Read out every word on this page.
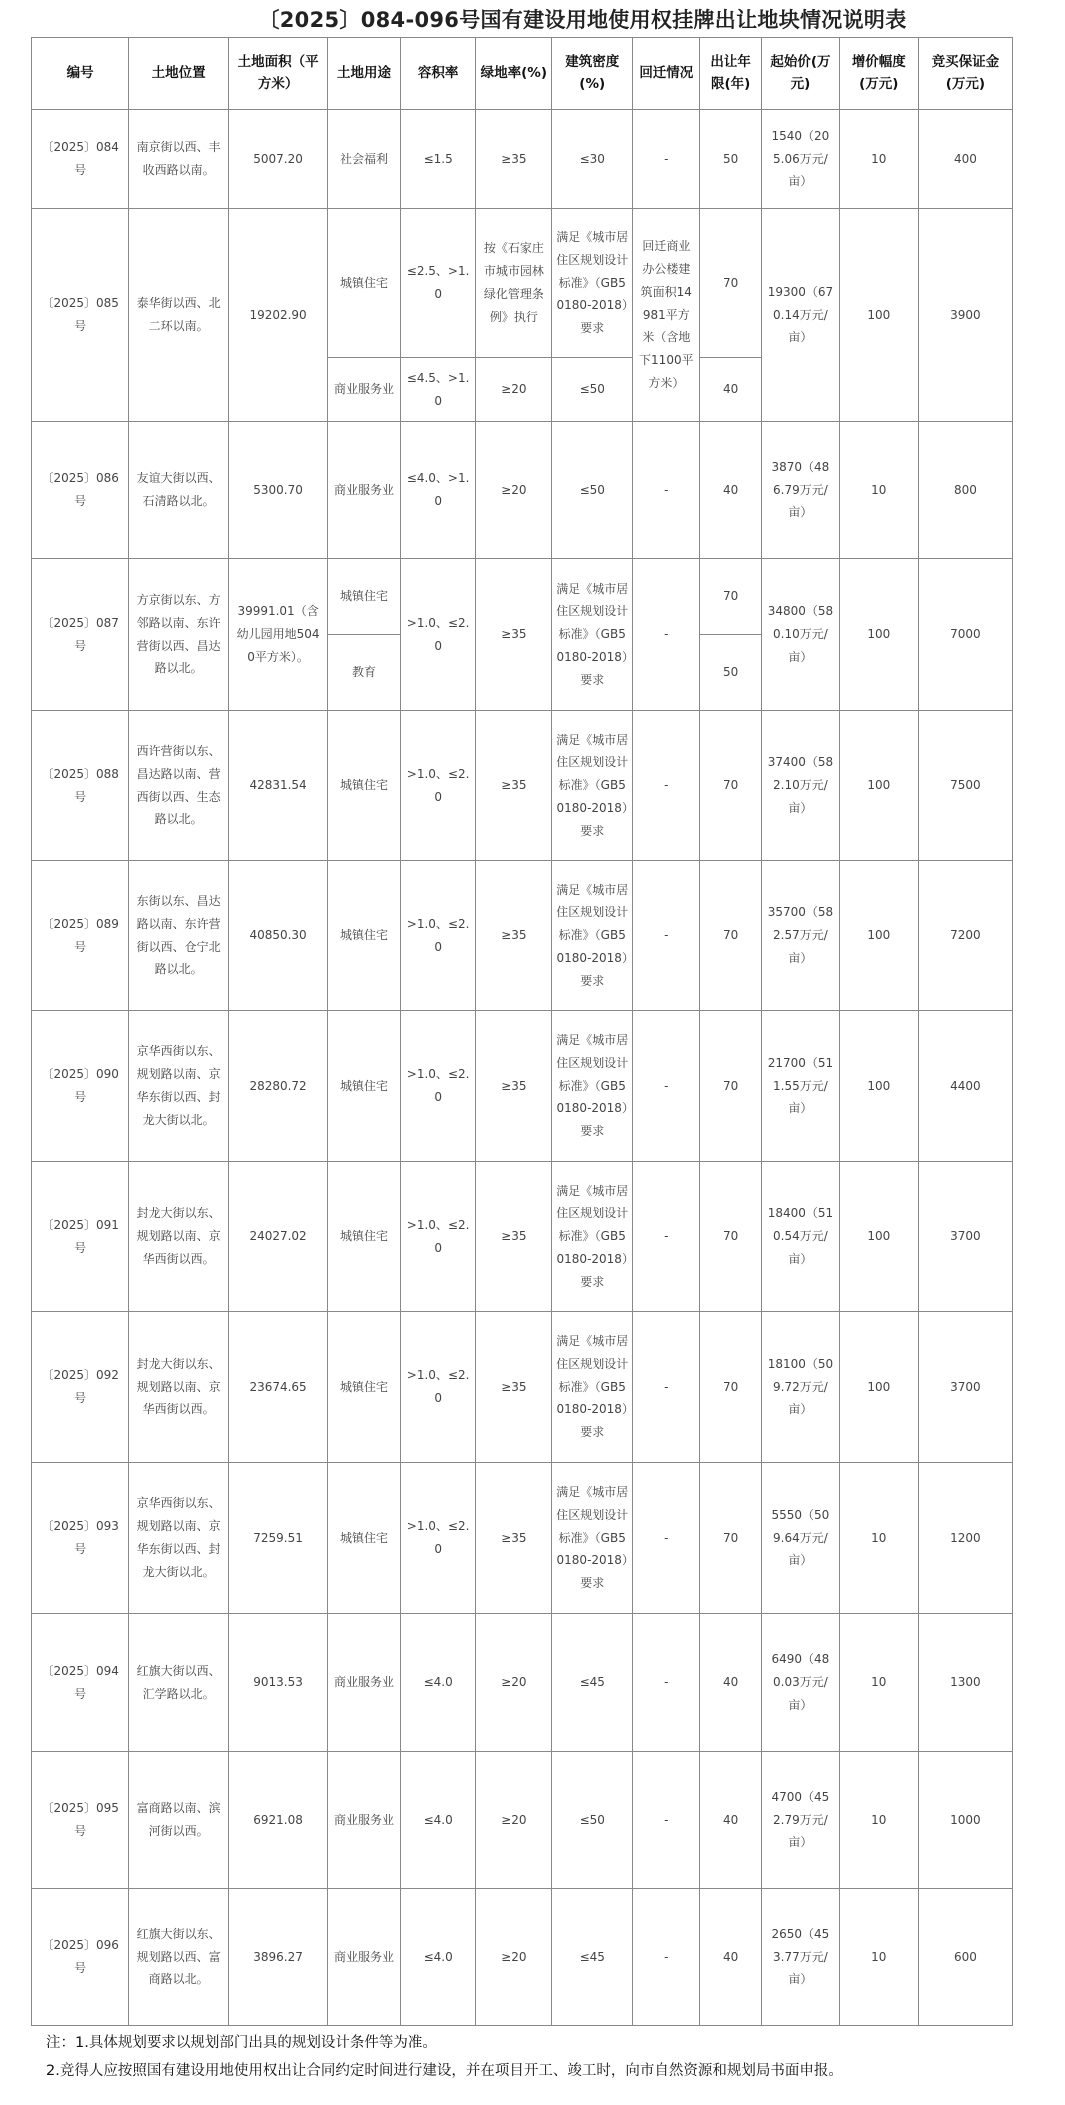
〔2025〕084-096号国有建设用地使用权挂牌出让地块情况说明表
编号	土地位置	土地面积（平方米）	土地用途	容积率	绿地率(%)	建筑密度(%)	回迁情况	出让年限(年)	起始价(万元)	增价幅度(万元)	竞买保证金(万元)
〔2025〕084号	南京街以西、丰收西路以南。	5007.20	社会福利	≤1.5	≥35	≤30	-	50	1540（205.06万元/亩）	10	400
〔2025〕085号	泰华街以西、北二环以南。	19202.90	城镇住宅	≤2.5、>1.0	按《石家庄市城市园林绿化管理条例》执行	满足《城市居住区规划设计标准》（GB50180-2018）要求	回迁商业办公楼建筑面积14981平方米（含地下1100平方米）	70	19300（670.14万元/亩）	100	3900
			商业服务业	≤4.5、>1.0	≥20	≤50		40			
〔2025〕086号	友谊大街以西、石清路以北。	5300.70	商业服务业	≤4.0、>1.0	≥20	≤50	-	40	3870（486.79万元/亩）	10	800
〔2025〕087号	方京街以东、方邻路以南、东许营街以西、昌达路以北。	39991.01（含幼儿园用地5040平方米）。	城镇住宅	>1.0、≤2.0	≥35	满足《城市居住区规划设计标准》（GB50180-2018）要求	-	70	34800（580.10万元/亩）	100	7000
			教育					50			
〔2025〕088号	西许营街以东、昌达路以南、营西街以西、生态路以北。	42831.54	城镇住宅	>1.0、≤2.0	≥35	满足《城市居住区规划设计标准》（GB50180-2018）要求	-	70	37400（582.10万元/亩）	100	7500
〔2025〕089号	东街以东、昌达路以南、东许营街以西、仓宁北路以北。	40850.30	城镇住宅	>1.0、≤2.0	≥35	满足《城市居住区规划设计标准》（GB50180-2018）要求	-	70	35700（582.57万元/亩）	100	7200
〔2025〕090号	京华西街以东、规划路以南、京华东街以西、封龙大街以北。	28280.72	城镇住宅	>1.0、≤2.0	≥35	满足《城市居住区规划设计标准》（GB50180-2018）要求	-	70	21700（511.55万元/亩）	100	4400
〔2025〕091号	封龙大街以东、规划路以南、京华西街以西。	24027.02	城镇住宅	>1.0、≤2.0	≥35	满足《城市居住区规划设计标准》（GB50180-2018）要求	-	70	18400（510.54万元/亩）	100	3700
〔2025〕092号	封龙大街以东、规划路以南、京华西街以西。	23674.65	城镇住宅	>1.0、≤2.0	≥35	满足《城市居住区规划设计标准》（GB50180-2018）要求	-	70	18100（509.72万元/亩）	100	3700
〔2025〕093号	京华西街以东、规划路以南、京华东街以西、封龙大街以北。	7259.51	城镇住宅	>1.0、≤2.0	≥35	满足《城市居住区规划设计标准》（GB50180-2018）要求	-	70	5550（509.64万元/亩）	10	1200
〔2025〕094号	红旗大街以西、汇学路以北。	9013.53	商业服务业	≤4.0	≥20	≤45	-	40	6490（480.03万元/亩）	10	1300
〔2025〕095号	富商路以南、滨河街以西。	6921.08	商业服务业	≤4.0	≥20	≤50	-	40	4700（452.79万元/亩）	10	1000
〔2025〕096号	红旗大街以东、规划路以西、富商路以北。	3896.27	商业服务业	≤4.0	≥20	≤45	-	40	2650（453.77万元/亩）	10	600
注：1.具体规划要求以规划部门出具的规划设计条件等为准。
2.竞得人应按照国有建设用地使用权出让合同约定时间进行建设，并在项目开工、竣工时，向市自然资源和规划局书面申报。
